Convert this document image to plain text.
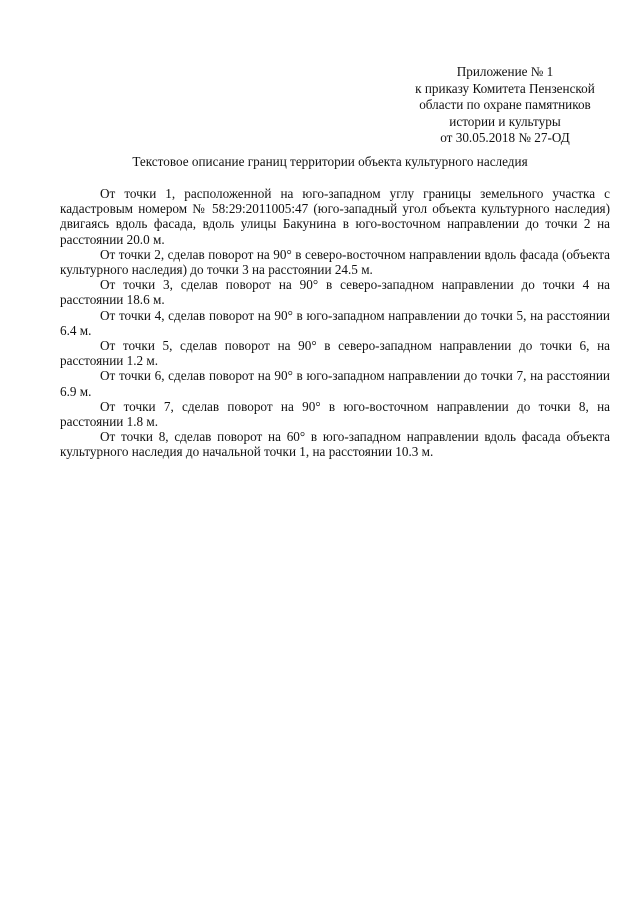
Приложение № 1
к приказу Комитета Пензенской
области по охране памятников
истории и культуры
от 30.05.2018 № 27-ОД
Текстовое описание границ территории объекта культурного наследия

От точки 1, расположенной на юго-западном углу границы земельного участка с кадастровым номером № 58:29:2011005:47 (юго-западный угол объекта культурного наследия) двигаясь вдоль фасада, вдоль улицы Бакунина в юго-восточном направлении до точки 2 на расстоянии 20.0 м.

От точки 2, сделав поворот на 90° в северо-восточном направлении вдоль фасада (объекта культурного наследия) до точки 3 на расстоянии 24.5 м.

От точки 3, сделав поворот на 90° в северо-западном направлении до точки 4 на расстоянии 18.6 м.

От точки 4, сделав поворот на 90° в юго-западном направлении до точки 5, на расстоянии 6.4 м.

От точки 5, сделав поворот на 90° в северо-западном направлении до точки 6, на расстоянии 1.2 м.

От точки 6, сделав поворот на 90° в юго-западном направлении до точки 7, на расстоянии 6.9 м.

От точки 7, сделав поворот на 90° в юго-восточном направлении до точки 8, на расстоянии 1.8 м.

От точки 8, сделав поворот на 60° в юго-западном направлении вдоль фасада объекта культурного наследия до начальной точки 1, на расстоянии 10.3 м.
